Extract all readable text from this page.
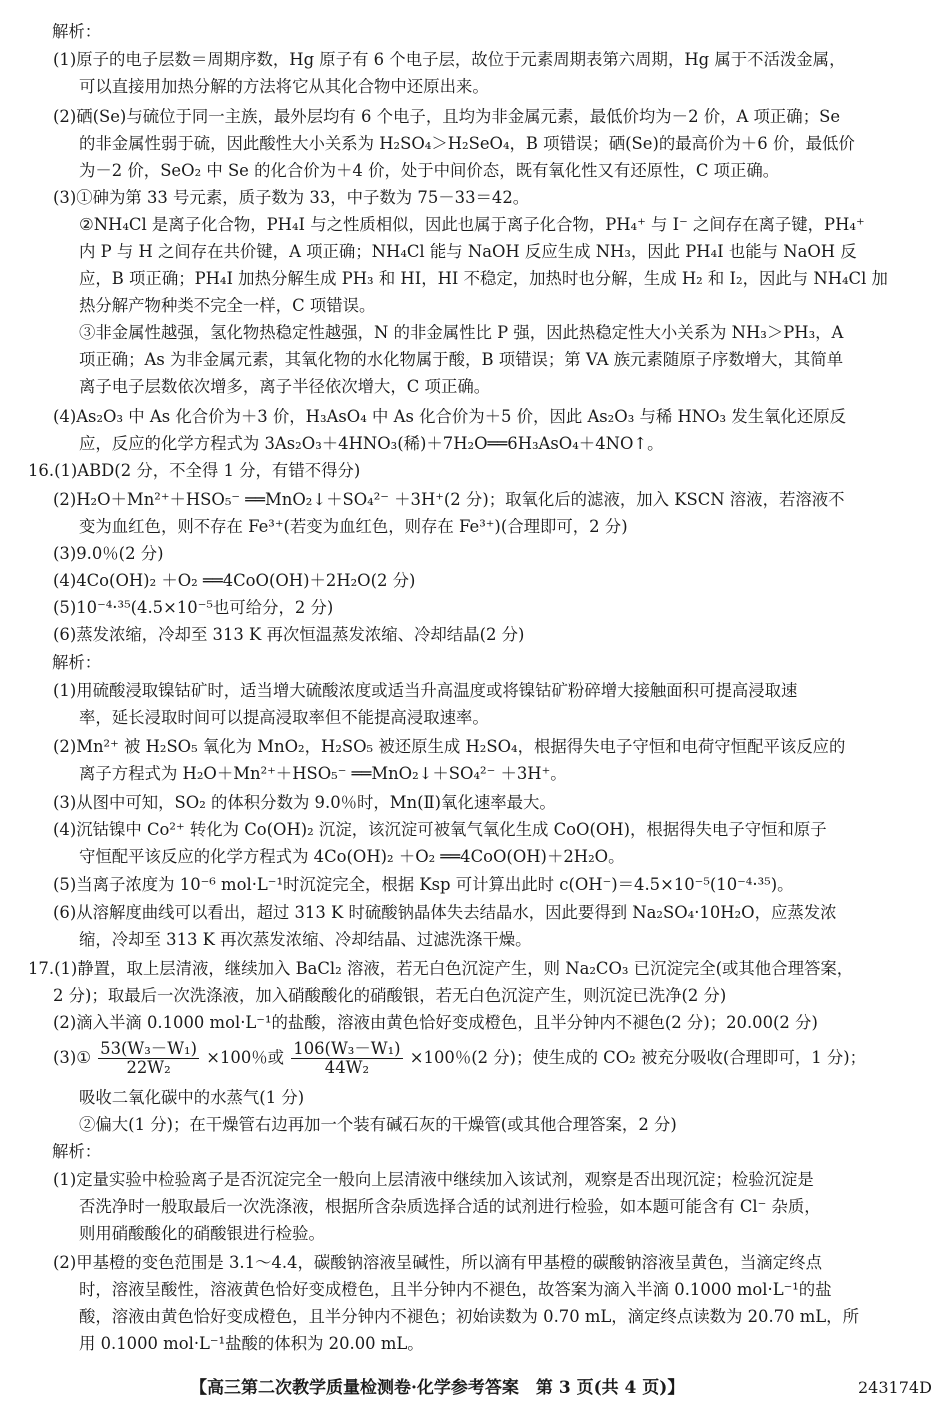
解析：
(1)原子的电子层数＝周期序数，Hg 原子有 6 个电子层，故位于元素周期表第六周期，Hg 属于不活泼金属，
可以直接用加热分解的方法将它从其化合物中还原出来。
(2)硒(Se)与硫位于同一主族，最外层均有 6 个电子，且均为非金属元素，最低价均为－2 价，A 项正确；Se
的非金属性弱于硫，因此酸性大小关系为 H₂SO₄＞H₂SeO₄，B 项错误；硒(Se)的最高价为＋6 价，最低价
为－2 价，SeO₂ 中 Se 的化合价为＋4 价，处于中间价态，既有氧化性又有还原性，C 项正确。
(3)①砷为第 33 号元素，质子数为 33，中子数为 75－33＝42。
②NH₄Cl 是离子化合物，PH₄I 与之性质相似，因此也属于离子化合物，PH₄⁺ 与 I⁻ 之间存在离子键，PH₄⁺
内 P 与 H 之间存在共价键，A 项正确；NH₄Cl 能与 NaOH 反应生成 NH₃，因此 PH₄I 也能与 NaOH 反
应，B 项正确；PH₄I 加热分解生成 PH₃ 和 HI，HI 不稳定，加热时也分解，生成 H₂ 和 I₂，因此与 NH₄Cl 加
热分解产物种类不完全一样，C 项错误。
③非金属性越强，氢化物热稳定性越强，N 的非金属性比 P 强，因此热稳定性大小关系为 NH₃＞PH₃，A
项正确；As 为非金属元素，其氧化物的水化物属于酸，B 项错误；第 VA 族元素随原子序数增大，其简单
离子电子层数依次增多，离子半径依次增大，C 项正确。
(4)As₂O₃ 中 As 化合价为＋3 价，H₃AsO₄ 中 As 化合价为＋5 价，因此 As₂O₃ 与稀 HNO₃ 发生氧化还原反
应，反应的化学方程式为 3As₂O₃＋4HNO₃(稀)＋7H₂O══6H₃AsO₄＋4NO↑。
16.(1)ABD(2 分，不全得 1 分，有错不得分)
(2)H₂O＋Mn²⁺＋HSO₅⁻ ══MnO₂↓＋SO₄²⁻ ＋3H⁺(2 分)；取氧化后的滤液，加入 KSCN 溶液，若溶液不
变为血红色，则不存在 Fe³⁺(若变为血红色，则存在 Fe³⁺)(合理即可，2 分)
(3)9.0％(2 分)
(4)4Co(OH)₂ ＋O₂ ══4CoO(OH)＋2H₂O(2 分)
(5)10⁻⁴·³⁵(4.5×10⁻⁵也可给分，2 分)
(6)蒸发浓缩，冷却至 313 K 再次恒温蒸发浓缩、冷却结晶(2 分)
解析：
(1)用硫酸浸取镍钴矿时，适当增大硫酸浓度或适当升高温度或将镍钴矿粉碎增大接触面积可提高浸取速
率，延长浸取时间可以提高浸取率但不能提高浸取速率。
(2)Mn²⁺ 被 H₂SO₅ 氧化为 MnO₂，H₂SO₅ 被还原生成 H₂SO₄，根据得失电子守恒和电荷守恒配平该反应的
离子方程式为 H₂O＋Mn²⁺＋HSO₅⁻ ══MnO₂↓＋SO₄²⁻ ＋3H⁺。
(3)从图中可知，SO₂ 的体积分数为 9.0％时，Mn(Ⅱ)氧化速率最大。
(4)沉钴镍中 Co²⁺ 转化为 Co(OH)₂ 沉淀，该沉淀可被氧气氧化生成 CoO(OH)，根据得失电子守恒和原子
守恒配平该反应的化学方程式为 4Co(OH)₂ ＋O₂ ══4CoO(OH)＋2H₂O。
(5)当离子浓度为 10⁻⁶ mol·L⁻¹时沉淀完全，根据 Ksp 可计算出此时 c(OH⁻)＝4.5×10⁻⁵(10⁻⁴·³⁵)。
(6)从溶解度曲线可以看出，超过 313 K 时硫酸钠晶体失去结晶水，因此要得到 Na₂SO₄·10H₂O，应蒸发浓
缩，冷却至 313 K 再次蒸发浓缩、冷却结晶、过滤洗涤干燥。
17.(1)静置，取上层清液，继续加入 BaCl₂ 溶液，若无白色沉淀产生，则 Na₂CO₃ 已沉淀完全(或其他合理答案，
2 分)；取最后一次洗涤液，加入硝酸酸化的硝酸银，若无白色沉淀产生，则沉淀已洗净(2 分)
(2)滴入半滴 0.1000 mol·L⁻¹的盐酸，溶液由黄色恰好变成橙色，且半分钟内不褪色(2 分)；20.00(2 分)
(3)① $\frac{\text{53(W₃－W₁)}}{\text{22W₂}} \times 100$％或 $\frac{\text{106(W₃－W₁)}}{\text{44W₂}} \times 100$％(2 分)；使生成的 CO₂ 被充分吸收(合理即可，1 分)；
吸收二氧化碳中的水蒸气(1 分)
②偏大(1 分)；在干燥管右边再加一个装有碱石灰的干燥管(或其他合理答案，2 分)
解析：
(1)定量实验中检验离子是否沉淀完全一般向上层清液中继续加入该试剂，观察是否出现沉淀；检验沉淀是
否洗净时一般取最后一次洗涤液，根据所含杂质选择合适的试剂进行检验，如本题可能含有 Cl⁻ 杂质，
则用硝酸酸化的硝酸银进行检验。
(2)甲基橙的变色范围是 3.1～4.4，碳酸钠溶液呈碱性，所以滴有甲基橙的碳酸钠溶液呈黄色，当滴定终点
时，溶液呈酸性，溶液黄色恰好变成橙色，且半分钟内不褪色，故答案为滴入半滴 0.1000 mol·L⁻¹的盐
酸，溶液由黄色恰好变成橙色，且半分钟内不褪色；初始读数为 0.70 mL，滴定终点读数为 20.70 mL，所
用 0.1000 mol·L⁻¹盐酸的体积为 20.00 mL。
【高三第二次教学质量检测卷·化学参考答案　第 3 页(共 4 页)】	243174D
